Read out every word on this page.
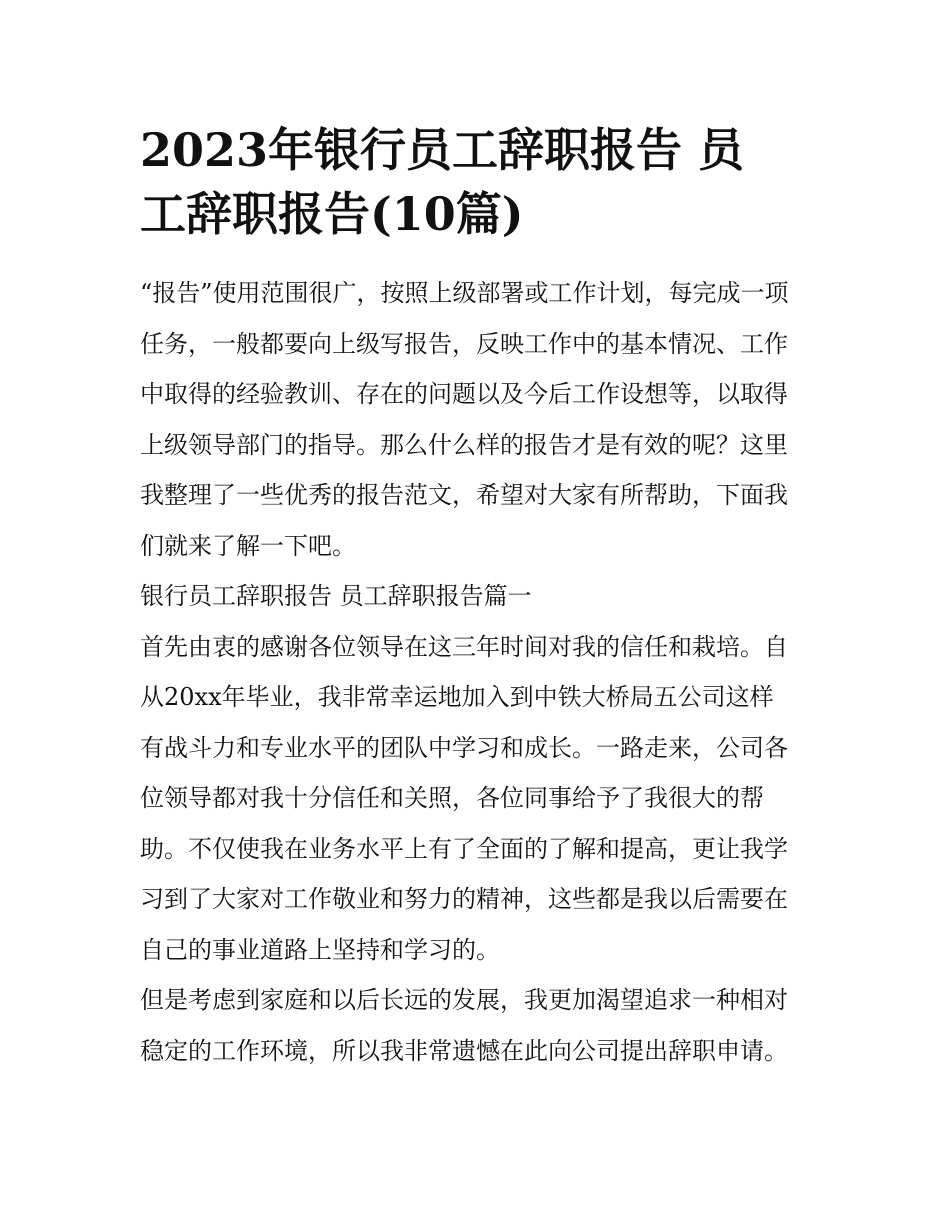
2023年银行员工辞职报告 员
工辞职报告(10篇)

“报告”使用范围很广，按照上级部署或工作计划，每完成一项
任务，一般都要向上级写报告，反映工作中的基本情况、工作
中取得的经验教训、存在的问题以及今后工作设想等，以取得
上级领导部门的指导。那么什么样的报告才是有效的呢？这里
我整理了一些优秀的报告范文，希望对大家有所帮助，下面我
们就来了解一下吧。

银行员工辞职报告 员工辞职报告篇一

首先由衷的感谢各位领导在这三年时间对我的信任和栽培。自
从20xx年毕业，我非常幸运地加入到中铁大桥局五公司这样
有战斗力和专业水平的团队中学习和成长。一路走来，公司各
位领导都对我十分信任和关照，各位同事给予了我很大的帮
助。不仅使我在业务水平上有了全面的了解和提高，更让我学
习到了大家对工作敬业和努力的精神，这些都是我以后需要在
自己的事业道路上坚持和学习的。

但是考虑到家庭和以后长远的发展，我更加渴望追求一种相对
稳定的工作环境，所以我非常遗憾在此向公司提出辞职申请。
